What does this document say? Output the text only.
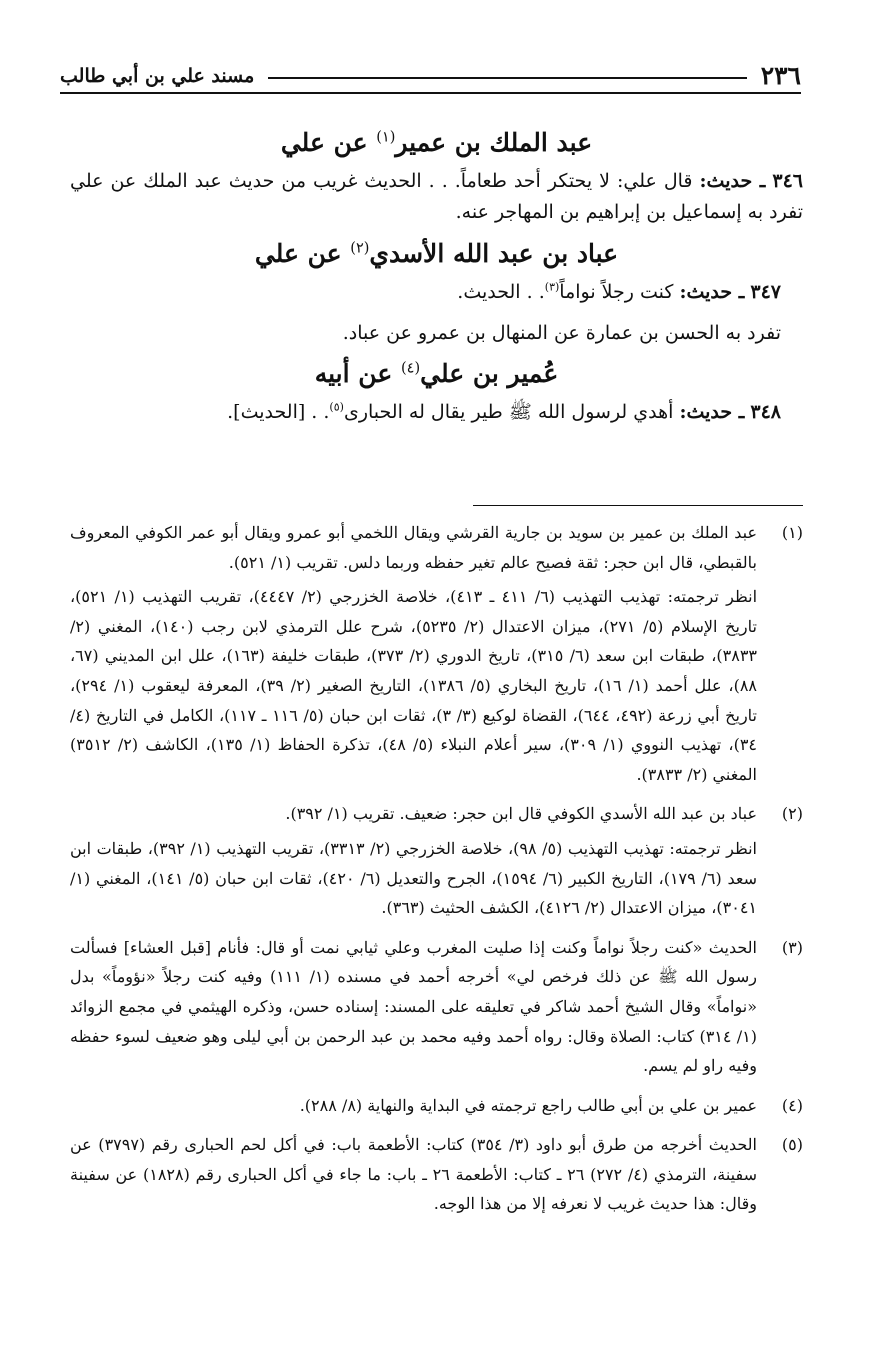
٢٣٦
مسند علي بن أبي طالب
عبد الملك بن عمير$^{(١)}$ عن علي

٣٤٦ ـ حديث: قال علي: لا يحتكر أحد طعاماً. . . الحديث غريب من حديث عبد الملك عن علي تفرد به إسماعيل بن إبراهيم بن المهاجر عنه.

عباد بن عبد الله الأسدي$^{(٢)}$ عن علي

٣٤٧ ـ حديث: كنت رجلاً نواماً$^{(٣)}$. . الحديث.

تفرد به الحسن بن عمارة عن المنهال بن عمرو عن عباد.

عُمير بن علي$^{(٤)}$ عن أبيه

٣٤٨ ـ حديث: أهدي لرسول الله ﷺ طير يقال له الحبارى$^{(٥)}$. . [الحديث].

(١)

عبد الملك بن عمير بن سويد بن جارية القرشي ويقال اللخمي أبو عمرو ويقال أبو عمر الكوفي المعروف بالقبطي، قال ابن حجر: ثقة فصيح عالم تغير حفظه وربما دلس. تقريب (١/ ٥٢١).

انظر ترجمته: تهذيب التهذيب (٦/ ٤١١ ـ ٤١٣)، خلاصة الخزرجي (٢/ ٤٤٤٧)، تقريب التهذيب (١/ ٥٢١)، تاريخ الإسلام (٥/ ٢٧١)، ميزان الاعتدال (٢/ ٥٢٣٥)، شرح علل الترمذي لابن رجب (١٤٠)، المغني (٢/ ٣٨٣٣)، طبقات ابن سعد (٦/ ٣١٥)، تاريخ الدوري (٢/ ٣٧٣)، طبقات خليفة (١٦٣)، علل ابن المديني (٦٧، ٨٨)، علل أحمد (١/ ١٦)، تاريخ البخاري (٥/ ١٣٨٦)، التاريخ الصغير (٢/ ٣٩)، المعرفة ليعقوب (١/ ٢٩٤)، تاريخ أبي زرعة (٤٩٢، ٦٤٤)، القضاة لوكيع (٣/ ٣)، ثقات ابن حبان (٥/ ١١٦ ـ ١١٧)، الكامل في التاريخ (٤/ ٣٤)، تهذيب النووي (١/ ٣٠٩)، سير أعلام النبلاء (٥/ ٤٨)، تذكرة الحفاظ (١/ ١٣٥)، الكاشف (٢/ ٣٥١٢) المغني (٢/ ٣٨٣٣).

(٢)

عباد بن عبد الله الأسدي الكوفي قال ابن حجر: ضعيف. تقريب (١/ ٣٩٢).

انظر ترجمته: تهذيب التهذيب (٥/ ٩٨)، خلاصة الخزرجي (٢/ ٣٣١٣)، تقريب التهذيب (١/ ٣٩٢)، طبقات ابن سعد (٦/ ١٧٩)، التاريخ الكبير (٦/ ١٥٩٤)، الجرح والتعديل (٦/ ٤٢٠)، ثقات ابن حبان (٥/ ١٤١)، المغني (١/ ٣٠٤١)، ميزان الاعتدال (٢/ ٤١٢٦)، الكشف الحثيث (٣٦٣).

(٣)

الحديث «كنت رجلاً نواماً وكنت إذا صليت المغرب وعلي ثيابي نمت أو قال: فأنام [قبل العشاء] فسألت رسول الله ﷺ عن ذلك فرخص لي» أخرجه أحمد في مسنده (١/ ١١١) وفيه كنت رجلاً «نؤوماً» بدل «نواماً» وقال الشيخ أحمد شاكر في تعليقه على المسند: إسناده حسن، وذكره الهيثمي في مجمع الزوائد (١/ ٣١٤) كتاب: الصلاة وقال: رواه أحمد وفيه محمد بن عبد الرحمن بن أبي ليلى وهو ضعيف لسوء حفظه وفيه راو لم يسم.

(٤)

عمير بن علي بن أبي طالب راجع ترجمته في البداية والنهاية (٨/ ٢٨٨).

(٥)

الحديث أخرجه من طرق أبو داود (٣/ ٣٥٤) كتاب: الأطعمة باب: في أكل لحم الحبارى رقم (٣٧٩٧) عن سفينة، الترمذي (٤/ ٢٧٢) ٢٦ ـ كتاب: الأطعمة ٢٦ ـ باب: ما جاء في أكل الحبارى رقم (١٨٢٨) عن سفينة وقال: هذا حديث غريب لا نعرفه إلا من هذا الوجه.
